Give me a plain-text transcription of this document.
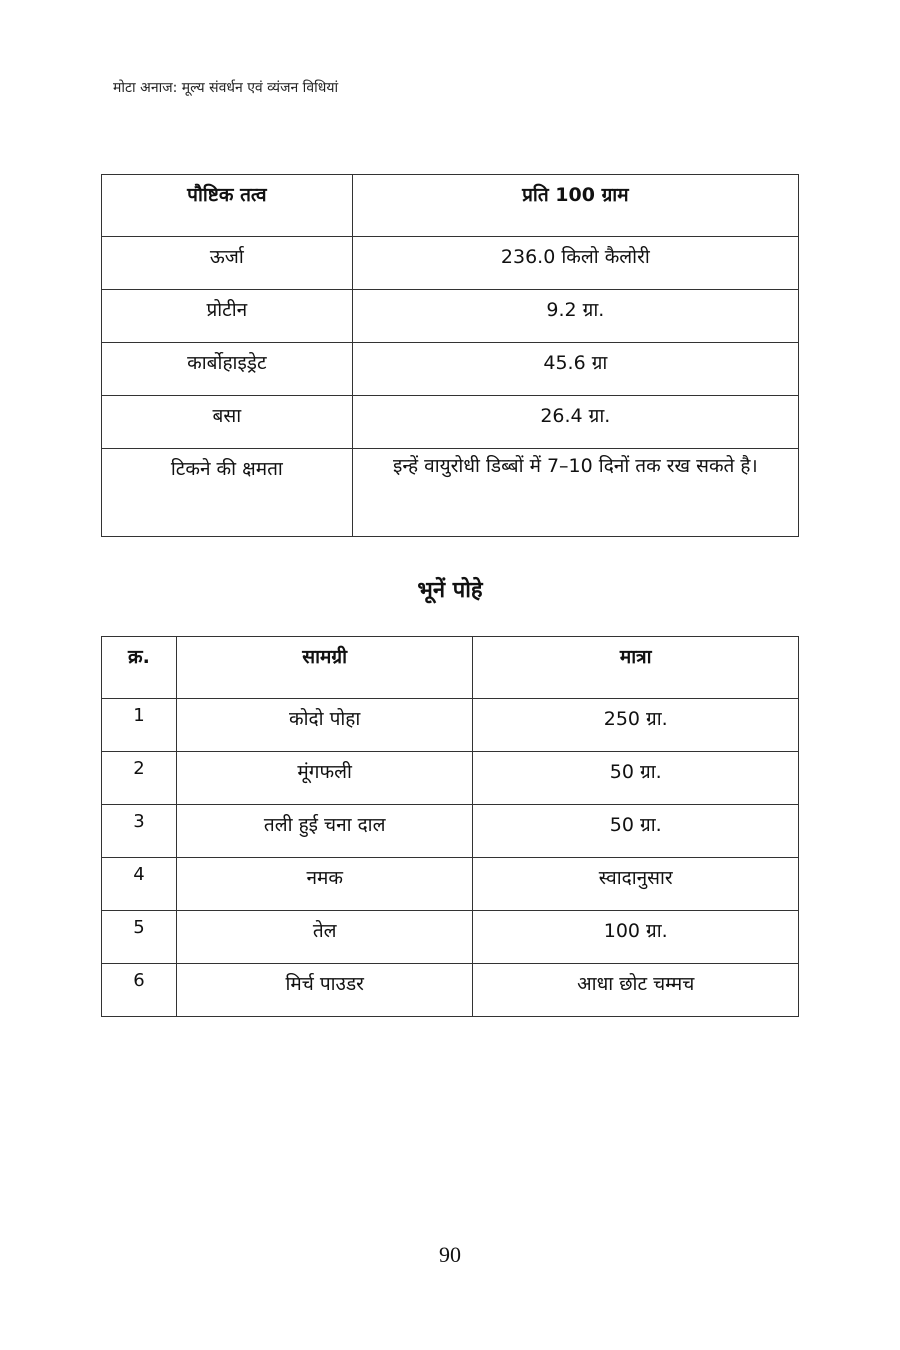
मोटा अनाज: मूल्य संवर्धन एवं व्यंजन विधियां
पौष्टिक तत्व	प्रति 100 ग्राम
ऊर्जा	236.0 किलो कैलोरी
प्रोटीन	9.2 ग्रा.
कार्बोहाइड्रेट	45.6 ग्रा
बसा	26.4 ग्रा.
टिकने की क्षमता	इन्हें वायुरोधी डिब्बों में 7–10 दिनों तक रख सकते है।
भूनें पोहे
क्र.	सामग्री	मात्रा
1	कोदो पोहा	250 ग्रा.
2	मूंगफली	50 ग्रा.
3	तली हुई चना दाल	50 ग्रा.
4	नमक	स्वादानुसार
5	तेल	100 ग्रा.
6	मिर्च पाउडर	आधा छोट चम्मच
90
